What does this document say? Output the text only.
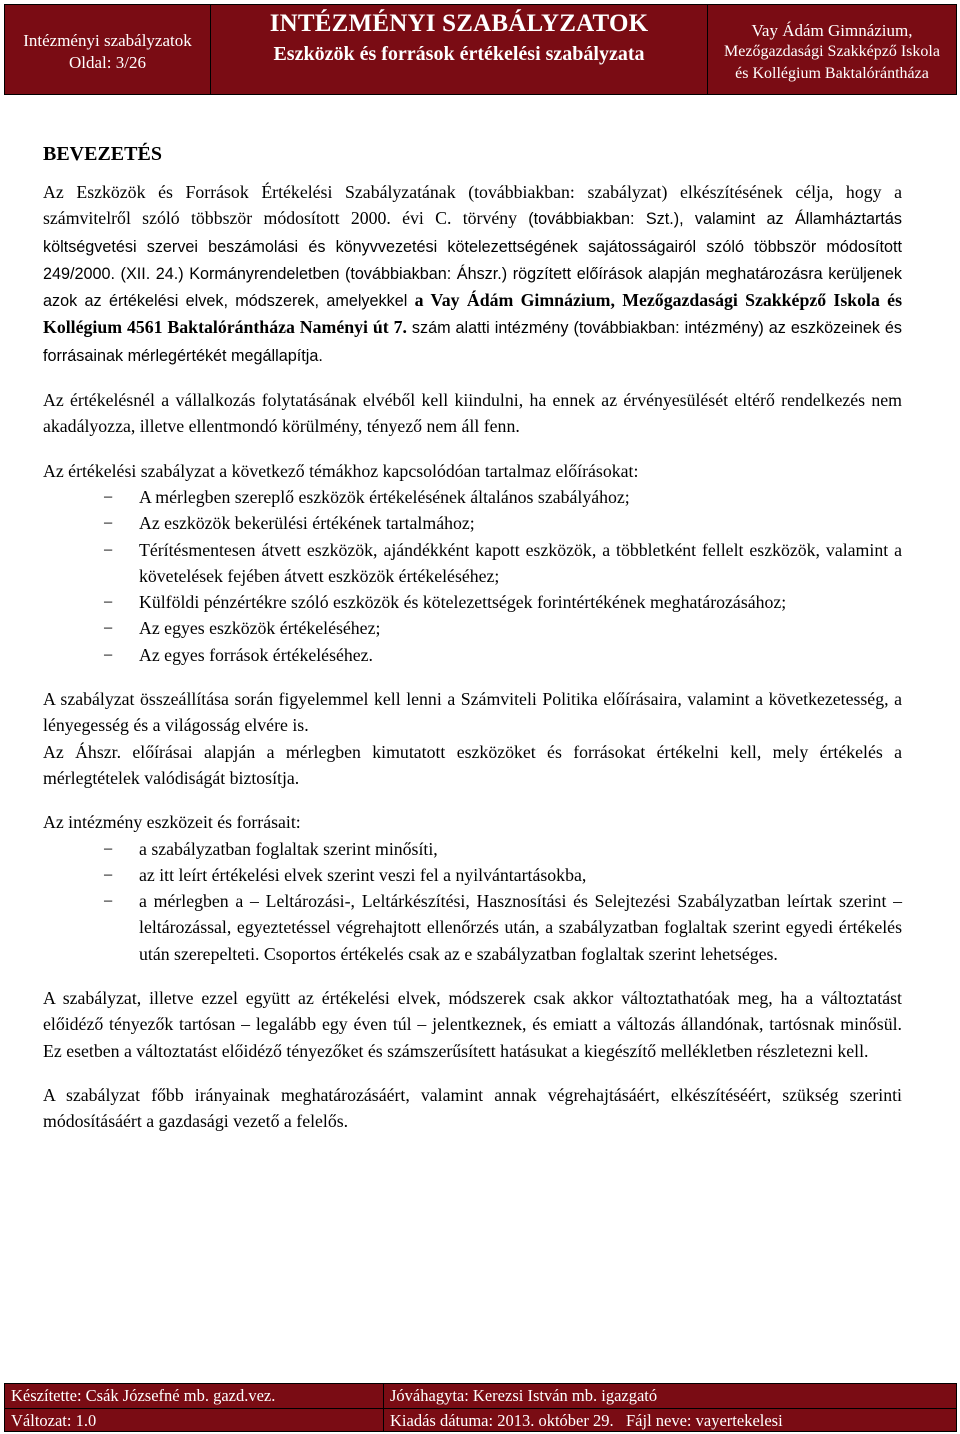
Intézményi szabályzatok
Oldal: 3/26
INTÉZMÉNYI SZABÁLYZATOK
Eszközök és források értékelési szabályzata
Vay Ádám Gimnázium,
Mezőgazdasági Szakképző Iskola
és Kollégium Baktalórántháza
BEVEZETÉS

Az Eszközök és Források Értékelési Szabályzatának (továbbiakban: szabályzat) elkészítésének célja, hogy a számvitelről szóló többször módosított 2000. évi C. törvény (továbbiakban: Szt.), valamint az Államháztartás költségvetési szervei beszámolási és könyvvezetési kötelezettségének sajátosságairól szóló többször módosított 249/2000. (XII. 24.) Kormányrendeletben (továbbiakban: Áhszr.) rögzített előírások alapján meghatározásra kerüljenek azok az értékelési elvek, módszerek, amelyekkel a Vay Ádám Gimnázium, Mezőgazdasági Szakképző Iskola és Kollégium 4561 Baktalórántháza Naményi út 7. szám alatti intézmény (továbbiakban: intézmény) az eszközeinek és forrásainak mérlegértékét megállapítja.

Az értékelésnél a vállalkozás folytatásának elvéből kell kiindulni, ha ennek az érvényesülését eltérő rendelkezés nem akadályozza, illetve ellentmondó körülmény, tényező nem áll fenn.

Az értékelési szabályzat a következő témákhoz kapcsolódóan tartalmaz előírásokat:

− A mérlegben szereplő eszközök értékelésének általános szabályához;
− Az eszközök bekerülési értékének tartalmához;
− Térítésmentesen átvett eszközök, ajándékként kapott eszközök, a többletként fellelt eszközök, valamint a követelések fejében átvett eszközök értékeléséhez;
− Külföldi pénzértékre szóló eszközök és kötelezettségek forintértékének meghatározásához;
− Az egyes eszközök értékeléséhez;
− Az egyes források értékeléséhez.

A szabályzat összeállítása során figyelemmel kell lenni a Számviteli Politika előírásaira, valamint a következetesség, a lényegesség és a világosság elvére is.

Az Áhszr. előírásai alapján a mérlegben kimutatott eszközöket és forrásokat értékelni kell, mely értékelés a mérlegtételek valódiságát biztosítja.

Az intézmény eszközeit és forrásait:

− a szabályzatban foglaltak szerint minősíti,
− az itt leírt értékelési elvek szerint veszi fel a nyilvántartásokba,
− a mérlegben a – Leltározási-, Leltárkészítési, Hasznosítási és Selejtezési Szabályzatban leírtak szerint – leltározással, egyeztetéssel végrehajtott ellenőrzés után, a szabályzatban foglaltak szerint egyedi értékelés után szerepelteti. Csoportos értékelés csak az e szabályzatban foglaltak szerint lehetséges.

A szabályzat, illetve ezzel együtt az értékelési elvek, módszerek csak akkor változtathatóak meg, ha a változtatást előidéző tényezők tartósan – legalább egy éven túl – jelentkeznek, és emiatt a változás állandónak, tartósnak minősül. Ez esetben a változtatást előidéző tényezőket és számszerűsített hatásukat a kiegészítő mellékletben részletezni kell.

A szabályzat főbb irányainak meghatározásáért, valamint annak végrehajtásáért, elkészítéséért, szükség szerinti módosításáért a gazdasági vezető a felelős.

Készítette: Csák Józsefné mb. gazd.vez.	Jóváhagyta: Kerezsi István mb. igazgató
Változat: 1.0	Kiadás dátuma: 2013. október 29.   Fájl neve: vayertekelesi
